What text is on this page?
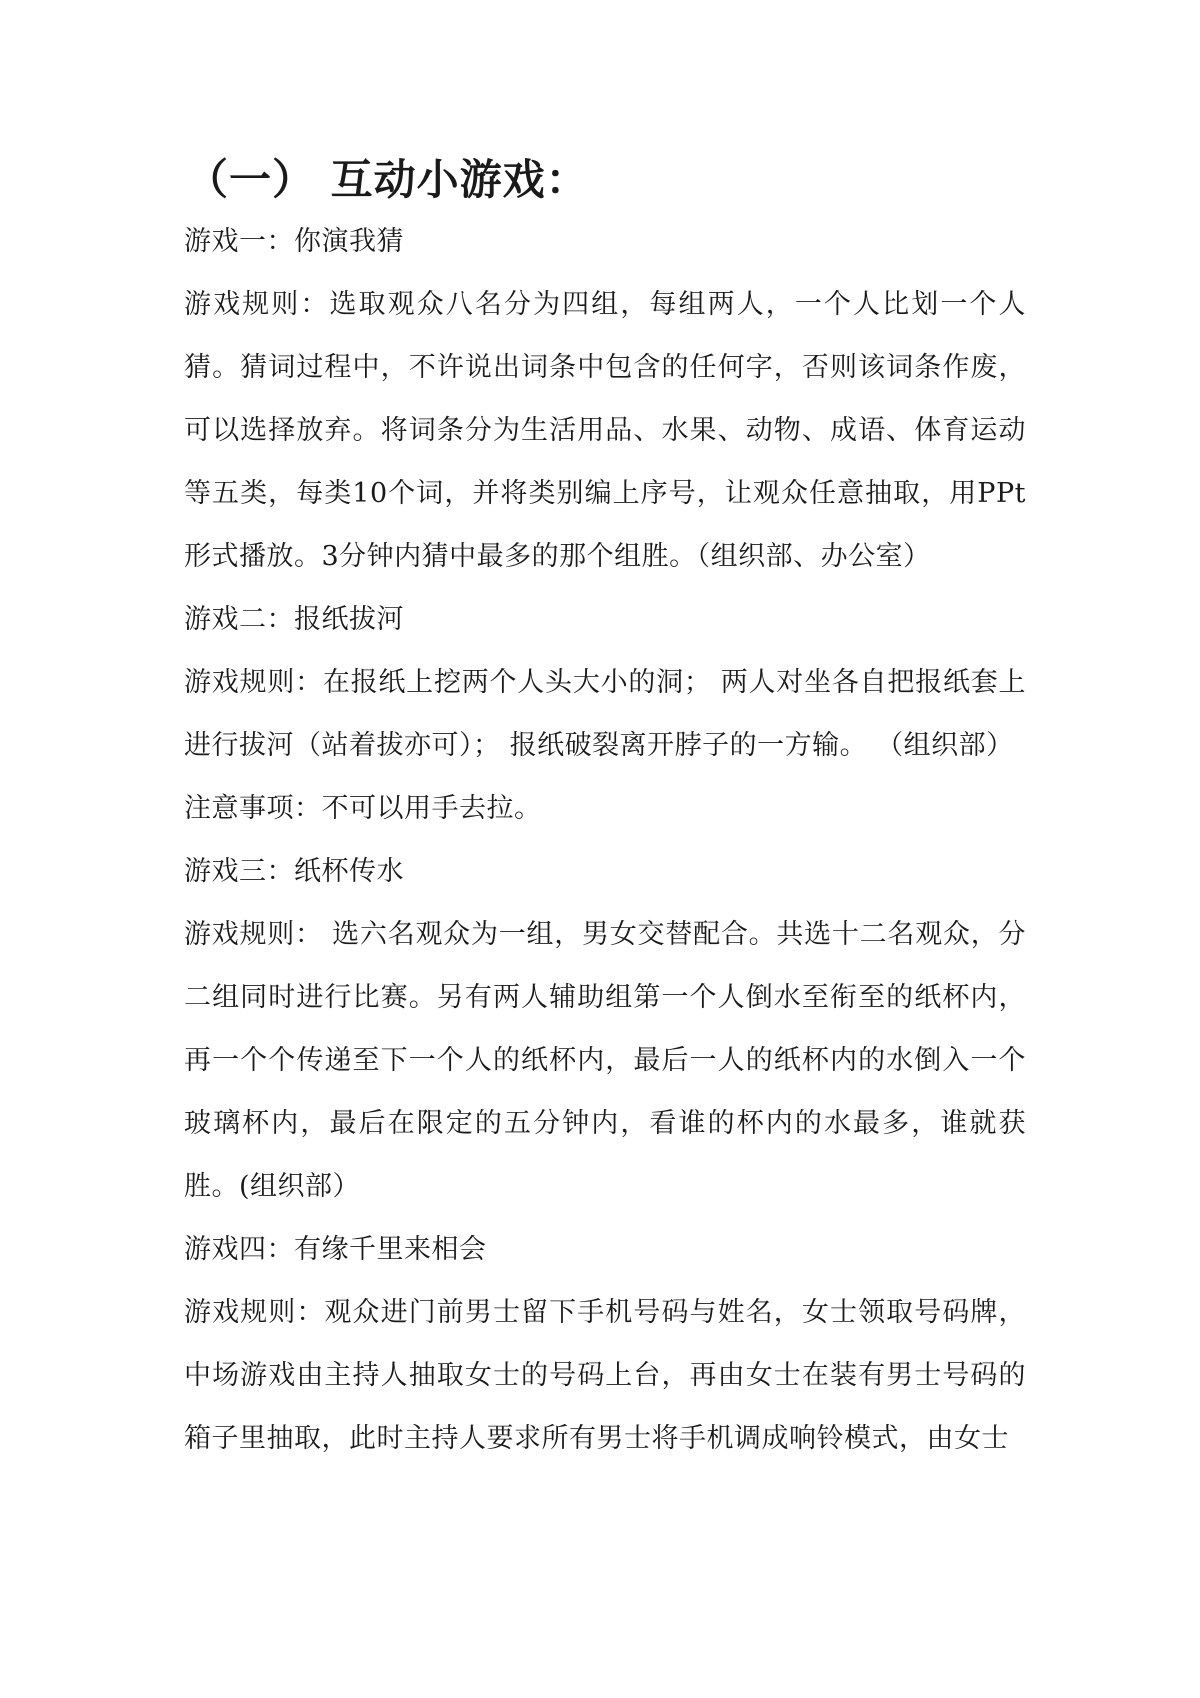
（一） 互动小游戏：

游戏一：你演我猜

游戏规则：选取观众八名分为四组，每组两人，一个人比划一个人猜。猜词过程中，不许说出词条中包含的任何字，否则该词条作废，可以选择放弃。将词条分为生活用品、水果、动物、成语、体育运动等五类，每类10个词，并将类别编上序号，让观众任意抽取，用PPt形式播放。3分钟内猜中最多的那个组胜。（组织部、办公室）

游戏二：报纸拔河

游戏规则：在报纸上挖两个人头大小的洞； 两人对坐各自把报纸套上进行拔河（站着拔亦可）； 报纸破裂离开脖子的一方输。 （组织部）

注意事项：不可以用手去拉。

游戏三：纸杯传水

游戏规则： 选六名观众为一组，男女交替配合。共选十二名观众，分二组同时进行比赛。另有两人辅助组第一个人倒水至衔至的纸杯内，再一个个传递至下一个人的纸杯内，最后一人的纸杯内的水倒入一个玻璃杯内，最后在限定的五分钟内，看谁的杯内的水最多，谁就获胜。(组织部）

游戏四：有缘千里来相会

游戏规则：观众进门前男士留下手机号码与姓名，女士领取号码牌，中场游戏由主持人抽取女士的号码上台，再由女士在装有男士号码的箱子里抽取，此时主持人要求所有男士将手机调成响铃模式，由女士
